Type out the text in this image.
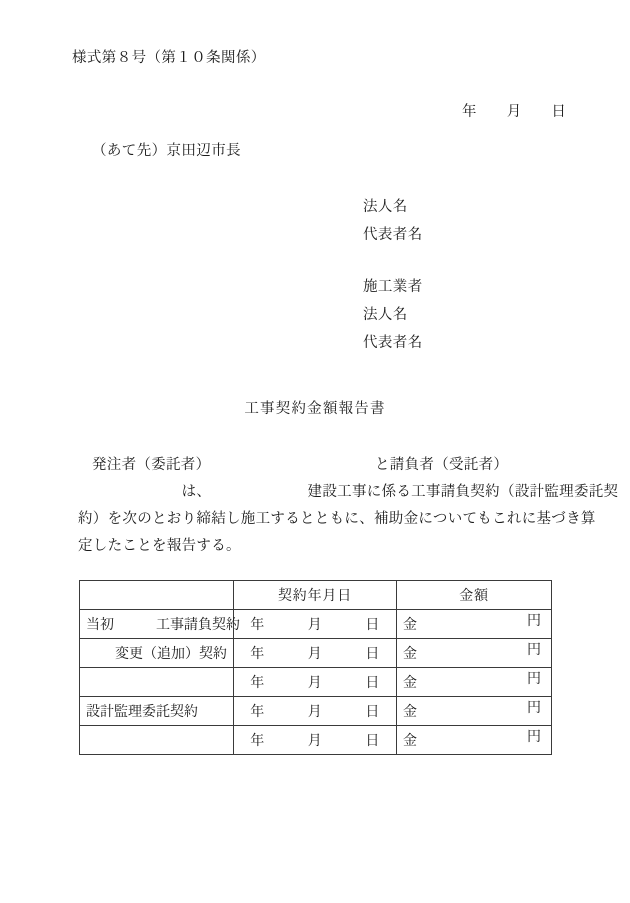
様式第８号（第１０条関係）
年　　月　　日
（あて先）京田辺市長
法人名
代表者名
施工業者
法人名
代表者名
工事契約金額報告書
発注者（委託者）	と請負者（受託者）
　　　　　　　は、　　　　　　　建設工事に係る工事請負契約（設計監理委託契
約）を次のとおり締結し施工するとともに、補助金についてもこれに基づき算
定したことを報告する。
	契約年月日	金額
当初　　　工事請負契約	年　　　月　　　日	金 円

変更（追加）契約	年　　　月　　　日	金 円

	年　　　月　　　日	金 円

設計監理委託契約	年　　　月　　　日	金 円

	年　　　月　　　日	金 円
